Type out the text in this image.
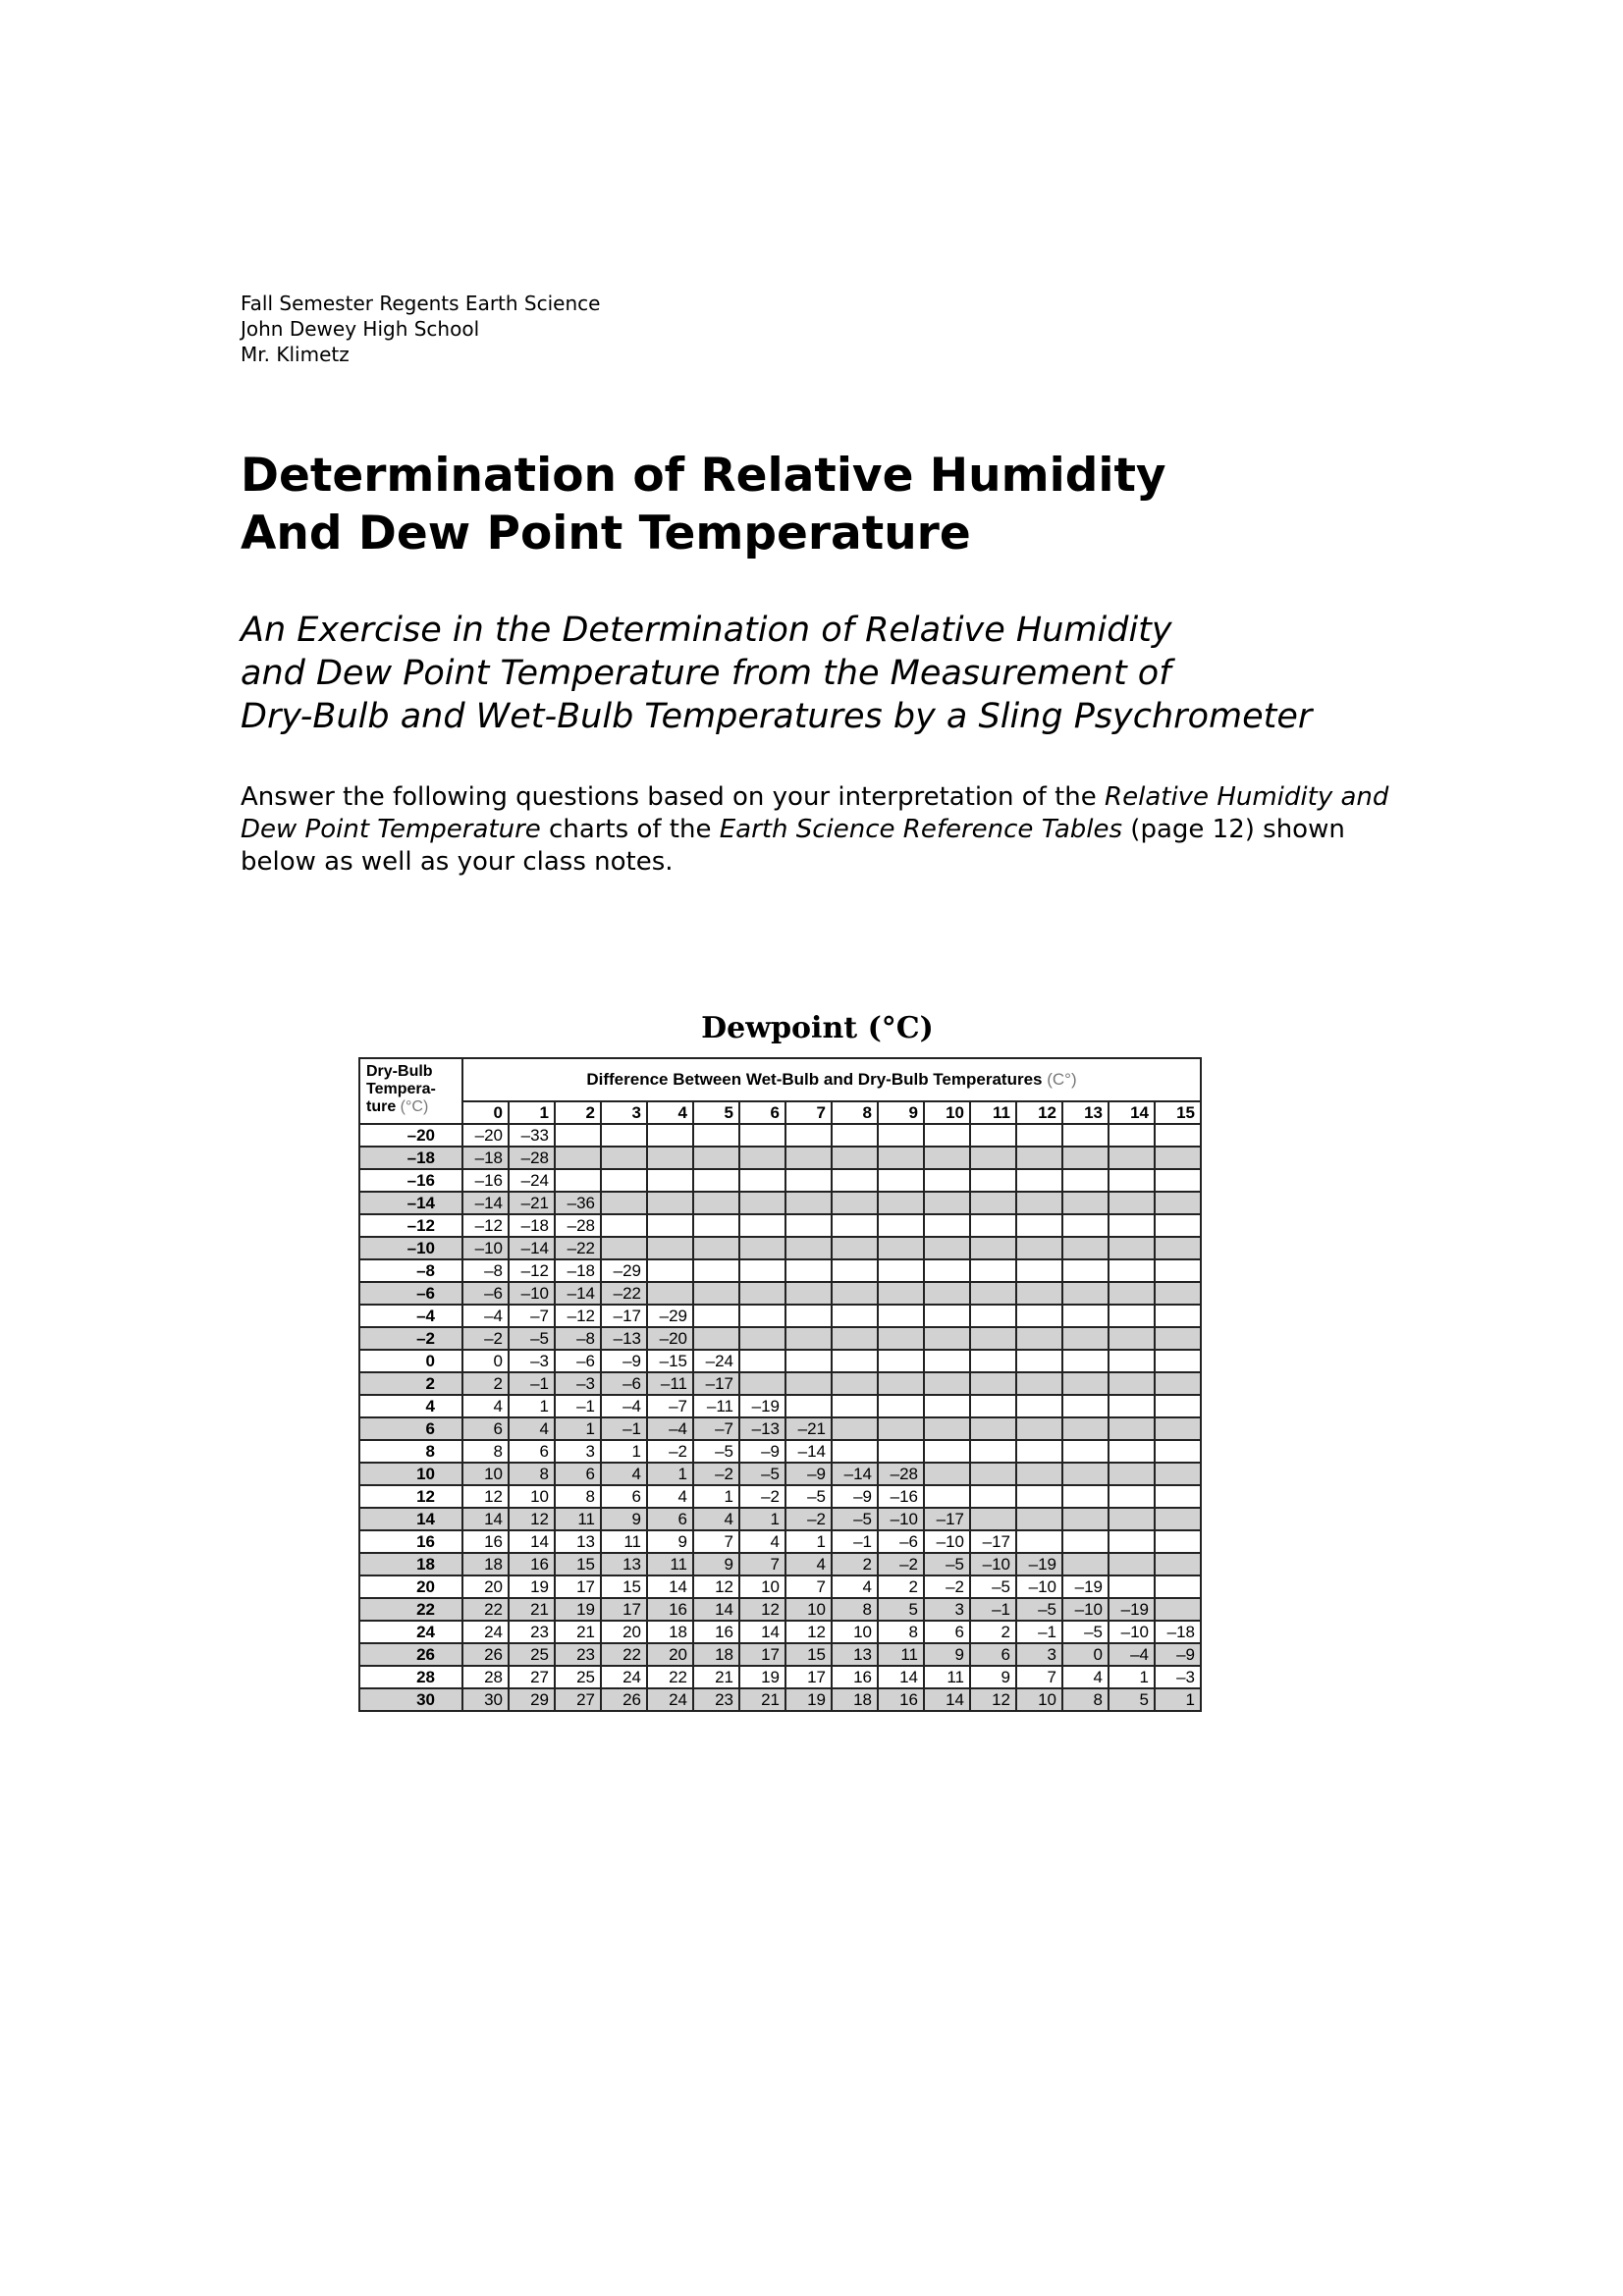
Fall Semester Regents Earth Science
John Dewey High School
Mr. Klimetz
Determination of Relative Humidity
And Dew Point Temperature
An Exercise in the Determination of Relative Humidity
and Dew Point Temperature from the Measurement of
Dry-Bulb and Wet-Bulb Temperatures by a Sling Psychrometer

Answer the following questions based on your interpretation of the Relative Humidity and Dew Point Temperature charts of the Earth Science Reference Tables (page 12) shown below as well as your class notes.

Dewpoint (°C)
Dry-Bulb
Tempera-
ture (°C)	Difference Between Wet-Bulb and Dry-Bulb Temperatures (C°)															
	0	1	2	3	4	5	6	7	8	9	10	11	12	13	14	15
–20	–20	–33														
–18	–18	–28														
–16	–16	–24														
–14	–14	–21	–36													
–12	–12	–18	–28													
–10	–10	–14	–22													
–8	–8	–12	–18	–29												
–6	–6	–10	–14	–22												
–4	–4	–7	–12	–17	–29											
–2	–2	–5	–8	–13	–20											
0	0	–3	–6	–9	–15	–24										
2	2	–1	–3	–6	–11	–17										
4	4	1	–1	–4	–7	–11	–19									
6	6	4	1	–1	–4	–7	–13	–21								
8	8	6	3	1	–2	–5	–9	–14								
10	10	8	6	4	1	–2	–5	–9	–14	–28						
12	12	10	8	6	4	1	–2	–5	–9	–16						
14	14	12	11	9	6	4	1	–2	–5	–10	–17					
16	16	14	13	11	9	7	4	1	–1	–6	–10	–17				
18	18	16	15	13	11	9	7	4	2	–2	–5	–10	–19			
20	20	19	17	15	14	12	10	7	4	2	–2	–5	–10	–19		
22	22	21	19	17	16	14	12	10	8	5	3	–1	–5	–10	–19	
24	24	23	21	20	18	16	14	12	10	8	6	2	–1	–5	–10	–18
26	26	25	23	22	20	18	17	15	13	11	9	6	3	0	–4	–9
28	28	27	25	24	22	21	19	17	16	14	11	9	7	4	1	–3
30	30	29	27	26	24	23	21	19	18	16	14	12	10	8	5	1
